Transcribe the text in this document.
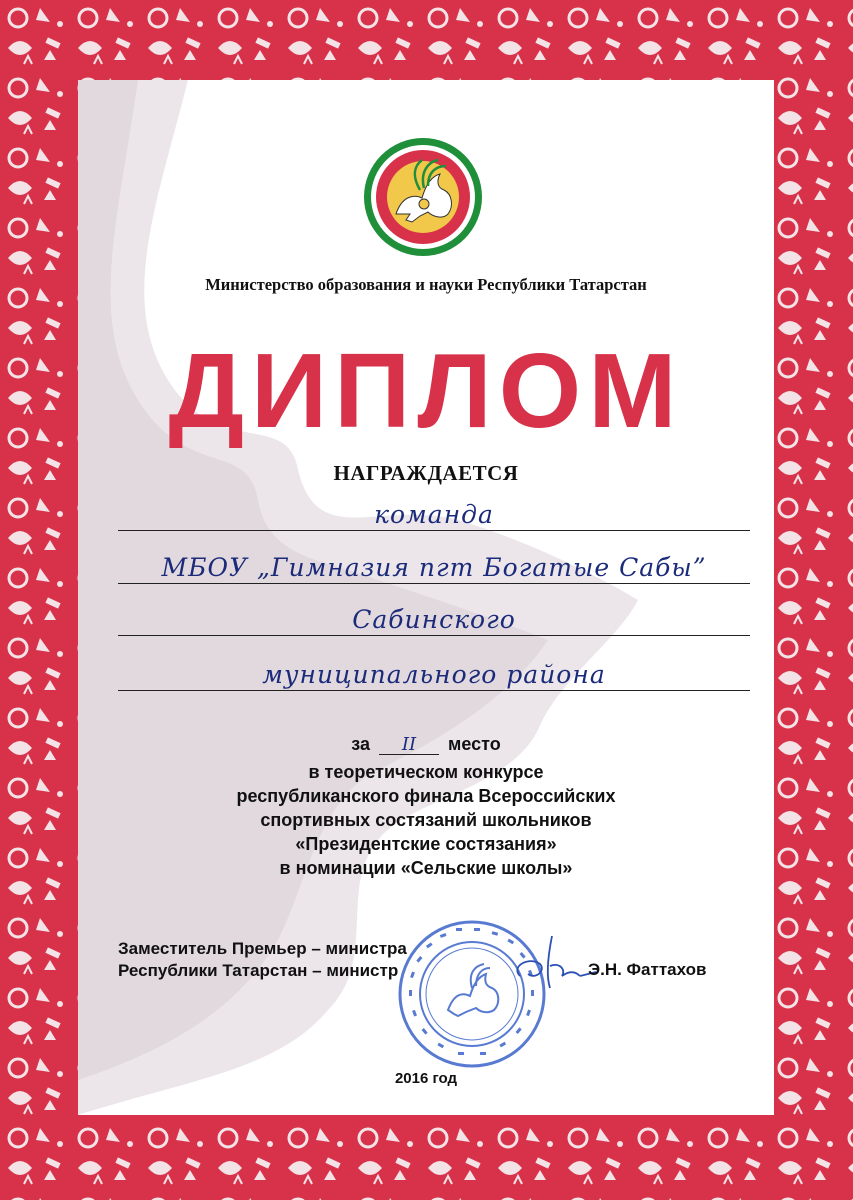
Министерство образования и науки Республики Татарстан
ДИПЛОМ
НАГРАЖДАЕТСЯ
команда
МБОУ „Гимназия пгт Богатые Сабы”
Сабинского
муниципального района
за II место
в теоретическом конкурсе
республиканского финала Всероссийских
спортивных состязаний школьников
«Президентские состязания»
в номинации «Сельские школы»
Заместитель Премьер – министра
Республики Татарстан – министр	Э.Н. Фаттахов
2016 год
